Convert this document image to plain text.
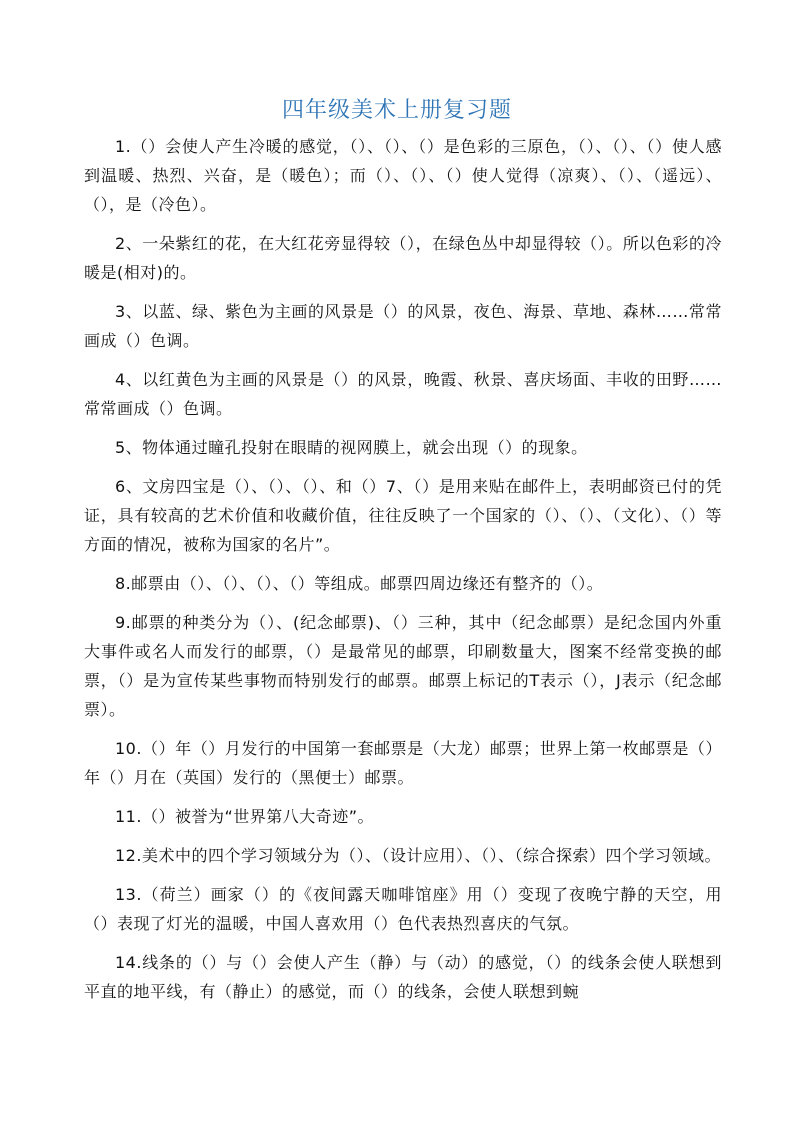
四年级美术上册复习题

1.（）会使人产生冷暖的感觉，（）、（）、（）是色彩的三原色，（）、（）、（）使人感到温暖、热烈、兴奋，是（暖色）；而（）、（）、（）使人觉得（凉爽）、（）、（遥远）、（），是（冷色）。

2、一朵紫红的花，在大红花旁显得较（），在绿色丛中却显得较（）。所以色彩的冷暖是(相对)的。

3、以蓝、绿、紫色为主画的风景是（）的风景，夜色、海景、草地、森林……常常画成（）色调。

4、以红黄色为主画的风景是（）的风景，晚霞、秋景、喜庆场面、丰收的田野……常常画成（）色调。

5、物体通过瞳孔投射在眼睛的视网膜上，就会出现（）的现象。

6、文房四宝是（）、（）、（）、和（）7、（）是用来贴在邮件上，表明邮资已付的凭证，具有较高的艺术价值和收藏价值，往往反映了一个国家的（）、（）、（文化）、（）等方面的情况，被称为国家的名片”。

8.邮票由（）、（）、（）、（）等组成。邮票四周边缘还有整齐的（）。

9.邮票的种类分为（）、(纪念邮票)、（）三种，其中（纪念邮票）是纪念国内外重大事件或名人而发行的邮票，（）是最常见的邮票，印刷数量大，图案不经常变换的邮票，（）是为宣传某些事物而特别发行的邮票。邮票上标记的T表示（），J表示（纪念邮票）。

10.（）年（）月发行的中国第一套邮票是（大龙）邮票；世界上第一枚邮票是（）年（）月在（英国）发行的（黑便士）邮票。

11.（）被誉为“世界第八大奇迹”。

12.美术中的四个学习领域分为（）、（设计应用）、（）、（综合探索）四个学习领域。

13.（荷兰）画家（）的《夜间露天咖啡馆座》用（）变现了夜晚宁静的天空，用（）表现了灯光的温暖，中国人喜欢用（）色代表热烈喜庆的气氛。

14.线条的（）与（）会使人产生（静）与（动）的感觉，（）的线条会使人联想到平直的地平线，有（静止）的感觉，而（）的线条，会使人联想到蜿
